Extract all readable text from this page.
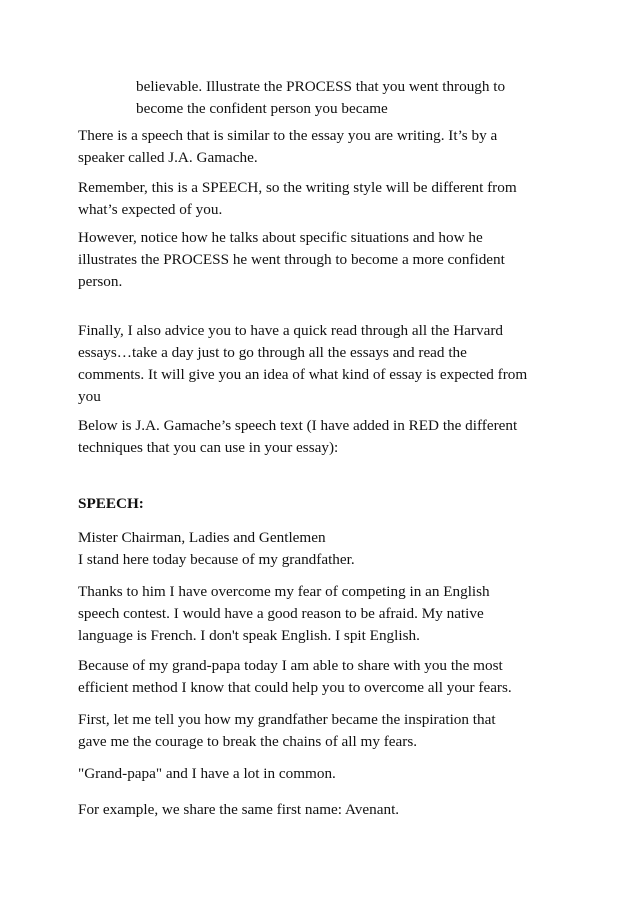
believable. Illustrate the PROCESS that you went through to
become the confident person you became

There is a speech that is similar to the essay you are writing. It’s by a
speaker called J.A. Gamache.

Remember, this is a SPEECH, so the writing style will be different from
what’s expected of you.

However, notice how he talks about specific situations and how he
illustrates the PROCESS he went through to become a more confident
person.

Finally, I also advice you to have a quick read through all the Harvard
essays…take a day just to go through all the essays and read the
comments. It will give you an idea of what kind of essay is expected from
you

Below is J.A. Gamache’s speech text (I have added in RED the different
techniques that you can use in your essay):

SPEECH:

Mister Chairman, Ladies and Gentlemen
I stand here today because of my grandfather.

Thanks to him I have overcome my fear of competing in an English
speech contest. I would have a good reason to be afraid. My native
language is French. I don't speak English. I spit English.

Because of my grand-papa today I am able to share with you the most
efficient method I know that could help you to overcome all your fears.

First, let me tell you how my grandfather became the inspiration that
gave me the courage to break the chains of all my fears.

"Grand-papa" and I have a lot in common.

For example, we share the same first name: Avenant.
